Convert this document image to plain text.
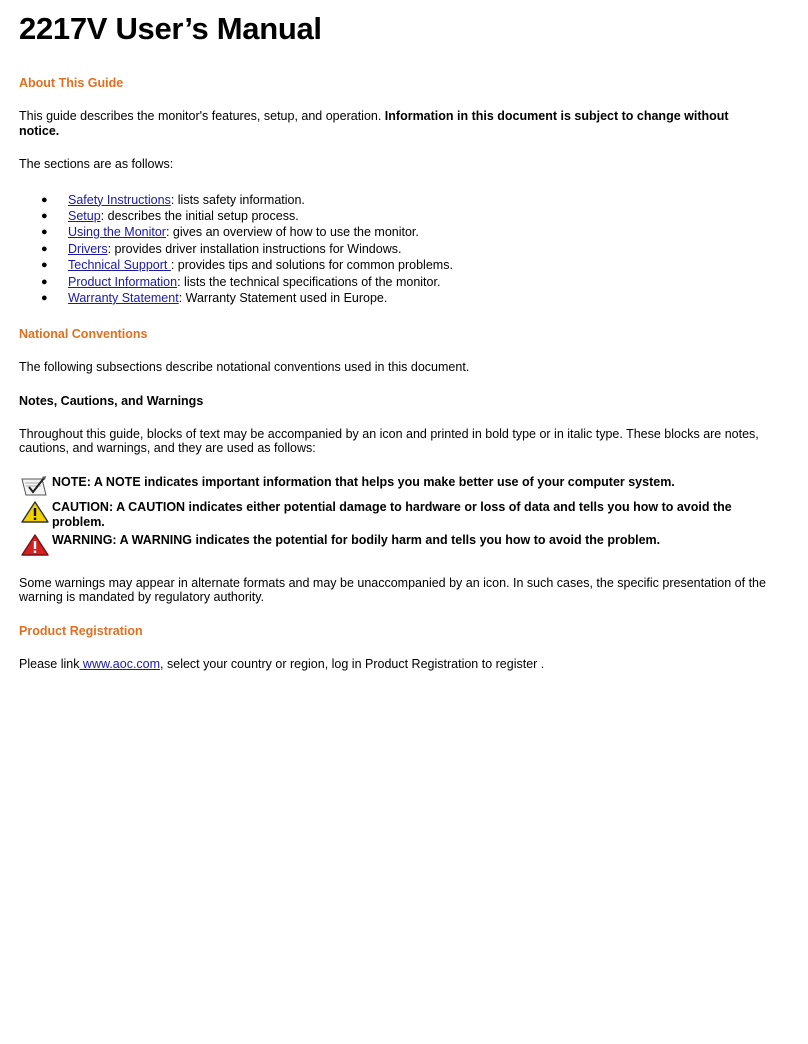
2217V User’s Manual
About This Guide

This guide describes the monitor's features, setup, and operation. Information in this document is subject to change without notice.

The sections are as follows:

● Safety Instructions: lists safety information.
● Setup: describes the initial setup process.
● Using the Monitor: gives an overview of how to use the monitor.
● Drivers: provides driver installation instructions for Windows.
● Technical Support : provides tips and solutions for common problems.
● Product Information: lists the technical specifications of the monitor.
● Warranty Statement: Warranty Statement used in Europe.
National Conventions

The following subsections describe notational conventions used in this document.

Notes, Cautions, and Warnings

Throughout this guide, blocks of text may be accompanied by an icon and printed in bold type or in italic type. These blocks are notes, cautions, and warnings, and they are used as follows:

NOTE: A NOTE indicates important information that helps you make better use of your computer system.
CAUTION: A CAUTION indicates either potential damage to hardware or loss of data and tells you how to avoid the problem.
WARNING: A WARNING indicates the potential for bodily harm and tells you how to avoid the problem.

Some warnings may appear in alternate formats and may be unaccompanied by an icon. In such cases, the specific presentation of the warning is mandated by regulatory authority.

Product Registration

Please link www.aoc.com, select your country or region, log in Product Registration to register .
